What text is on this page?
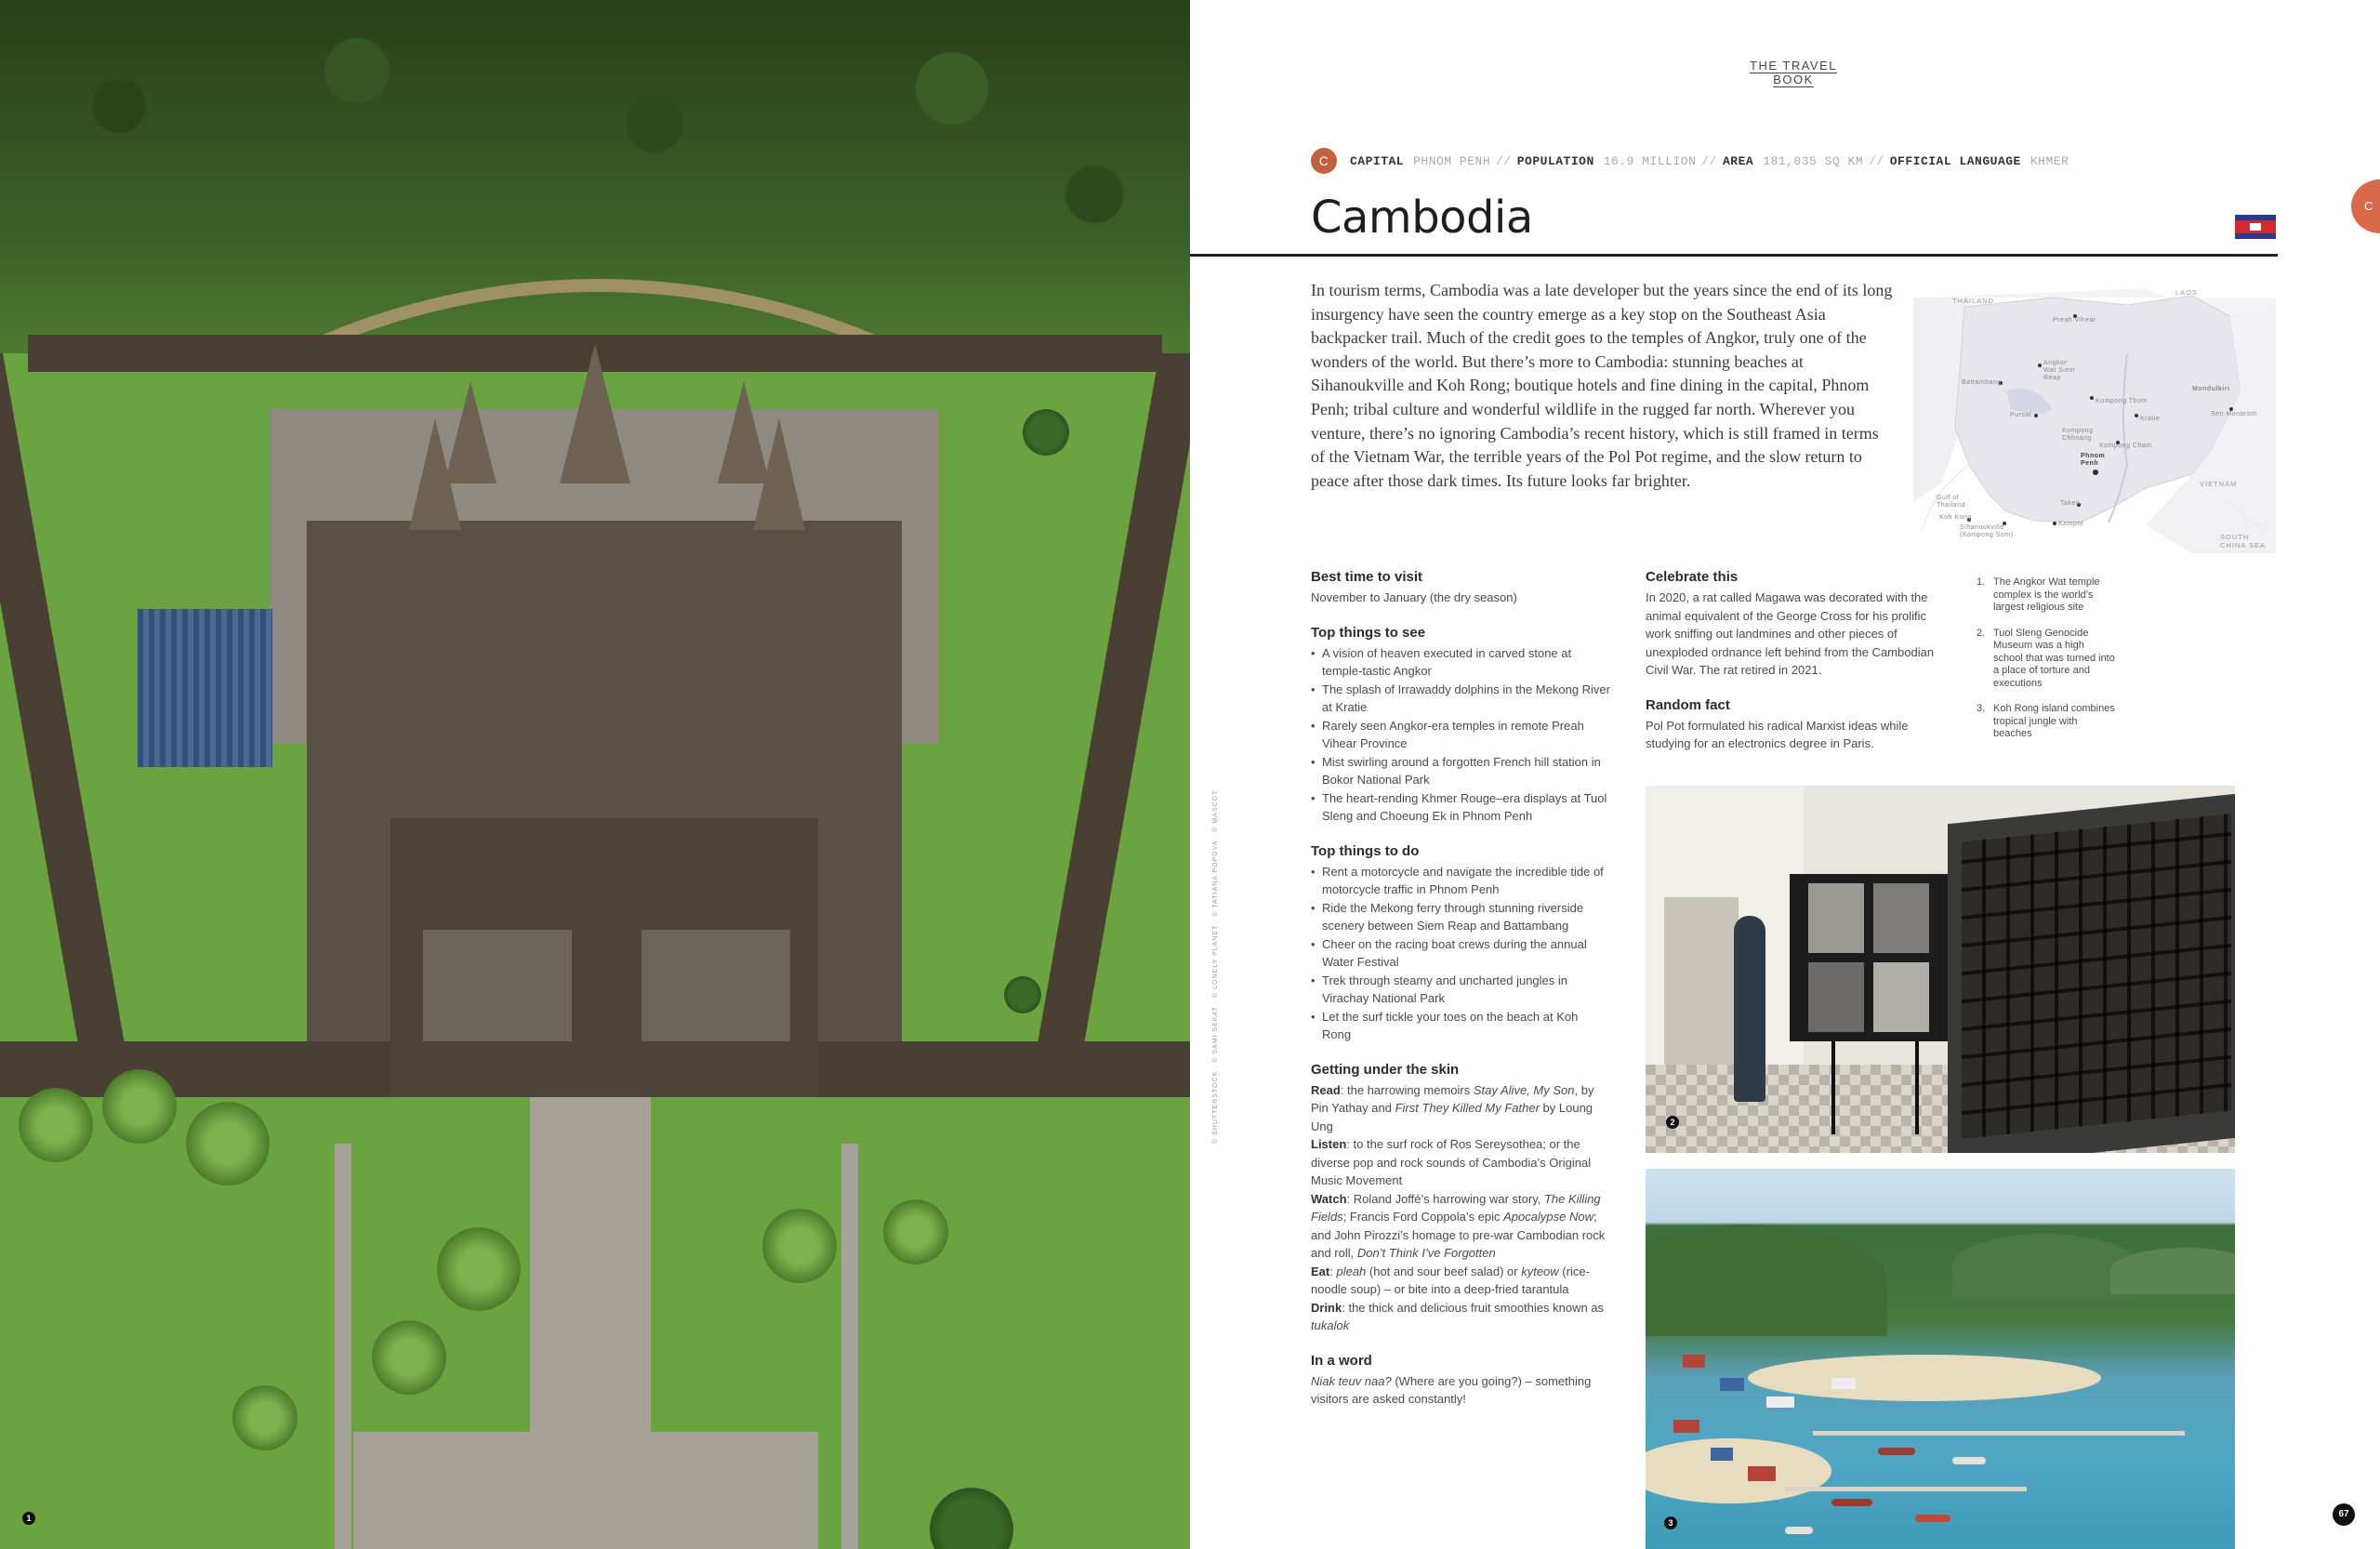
1
© SHUTTERSTOCK · © SAMI SEKAT · © LONELY PLANET · © TATIANA POPOVA · © MASCOT
THE TRAVEL BOOK
C	CAPITAL PHNOM PENH // POPULATION 16.9 MILLION // AREA 181,035 SQ KM // OFFICIAL LANGUAGE KHMER
Cambodia	C
In tourism terms, Cambodia was a late developer but the years since the end of its long insurgency have seen the country emerge as a key stop on the Southeast Asia backpacker trail. Much of the credit goes to the temples of Angkor, truly one of the wonders of the world. But there’s more to Cambodia: stunning beaches at Sihanoukville and Koh Rong; boutique hotels and fine dining in the capital, Phnom Penh; tribal culture and wonderful wildlife in the rugged far north. Wherever you venture, there’s no ignoring Cambodia’s recent history, which is still framed in terms of the Vietnam War, the terrible years of the Pol Pot regime, and the slow return to peace after those dark times. Its future looks far brighter.
THAILAND
LAOS
VIETNAM
SOUTH CHINA SEA
Gulf of Thailand
Preah Vihear
Angkor Wat Siem Reap
Battambang
Kompong Thom
Pursat
Kratie
Kompong Chhnang
Kompong Cham
Phnom Penh
Sen Monorom
Mondulkiri
Takeo
Kampot
Koh Kong
Sihanoukville (Kompong Som)
Best time to visit

November to January (the dry season)

Top things to see
• A vision of heaven executed in carved stone at temple-tastic Angkor
• The splash of Irrawaddy dolphins in the Mekong River at Kratie
• Rarely seen Angkor-era temples in remote Preah Vihear Province
• Mist swirling around a forgotten French hill station in Bokor National Park
• The heart-rending Khmer Rouge–era displays at Tuol Sleng and Choeung Ek in Phnom Penh
Top things to do
• Rent a motorcycle and navigate the incredible tide of motorcycle traffic in Phnom Penh
• Ride the Mekong ferry through stunning riverside scenery between Siem Reap and Battambang
• Cheer on the racing boat crews during the annual Water Festival
• Trek through steamy and uncharted jungles in Virachay National Park
• Let the surf tickle your toes on the beach at Koh Rong
Getting under the skin
Read: the harrowing memoirs Stay Alive, My Son, by Pin Yathay and First They Killed My Father by Loung Ung
Listen: to the surf rock of Ros Sereysothea; or the diverse pop and rock sounds of Cambodia’s Original Music Movement
Watch: Roland Joffé’s harrowing war story, The Killing Fields; Francis Ford Coppola’s epic Apocalypse Now; and John Pirozzi’s homage to pre-war Cambodian rock and roll, Don’t Think I’ve Forgotten
Eat: pleah (hot and sour beef salad) or kyteow (rice-noodle soup) – or bite into a deep-fried tarantula
Drink: the thick and delicious fruit smoothies known as tukalok
In a word
Niak teuv naa? (Where are you going?) – something visitors are asked constantly!
Celebrate this

In 2020, a rat called Magawa was decorated with the animal equivalent of the George Cross for his prolific work sniffing out landmines and other pieces of unexploded ordnance left behind from the Cambodian Civil War. The rat retired in 2021.

Random fact

Pol Pot formulated his radical Marxist ideas while studying for an electronics degree in Paris.

1. The Angkor Wat temple complex is the world’s largest religious site
2. Tuol Sleng Genocide Museum was a high school that was turned into a place of torture and executions
3. Koh Rong island combines tropical jungle with beaches
2
3
67
